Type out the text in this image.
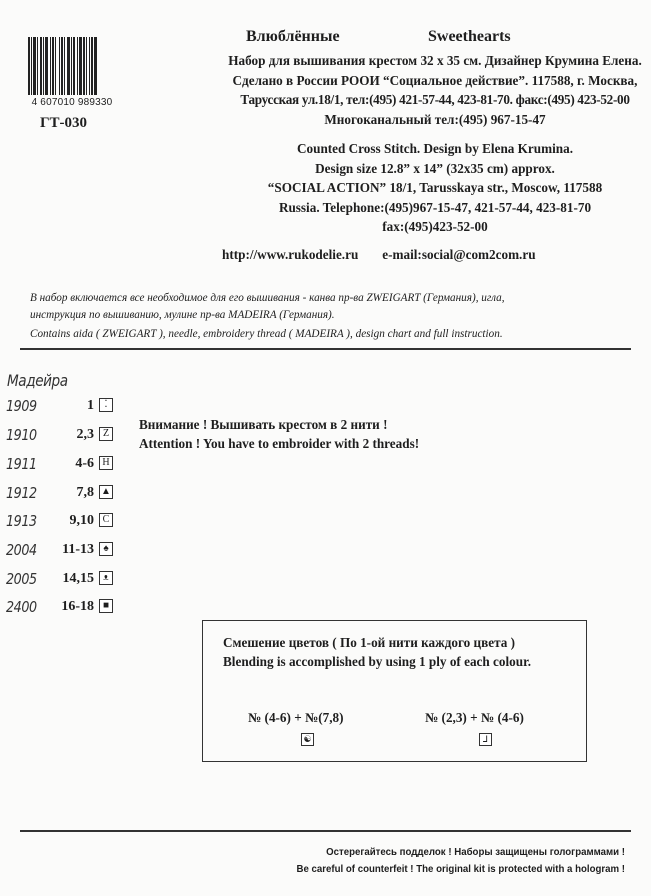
4 607010 989330
ГТ-030
Влюблённые	Sweethearts
Набор для вышивания крестом 32 x 35 см. Дизайнер Крумина Елена.
Сделано в России РООИ “Социальное действие”. 117588, г. Москва,
Тарусская ул.18/1, тел:(495) 421-57-44, 423-81-70. факс:(495) 423-52-00
Многоканальный тел:(495) 967-15-47
Counted Cross Stitch. Design by Elena Krumina.
Design size 12.8” x 14” (32x35 cm) approx.
“SOCIAL ACTION” 18/1, Tarusskaya str., Moscow, 117588
Russia. Telephone:(495)967-15-47, 421-57-44, 423-81-70
fax:(495)423-52-00
http://www.rukodelie.ru e-mail:social@com2com.ru
В набор включается все необходимое для его вышивания - канва пр-ва ZWEIGART (Германия), игла,
инструкция по вышиванию, мулине пр-ва MADEIRA (Германия).
Contains aida ( ZWEIGART ), needle, embroidery thread ( MADEIRA ), design chart and full instruction.
Мадейра
1909	1	⁚
1910	2,3 Z
1911	4-6 H
1912	7,8 ▲
1913 9,10 C
2004 11-13 ♠
2005 14,15 ᴥ
2400 16-18 ■
Внимание ! Вышивать крестом в 2 нити !
Attention ! You have to embroider with 2 threads!
Смешение цветов ( По 1-ой нити каждого цвета )
Blending is accomplished by using 1 ply of each colour.
№ (4-6) + №(7,8)
☯
№ (2,3) + № (4-6)
⅃
Остерегайтесь подделок ! Наборы защищены голограммами !
Be careful of counterfeit ! The original kit is protected with a hologram !
